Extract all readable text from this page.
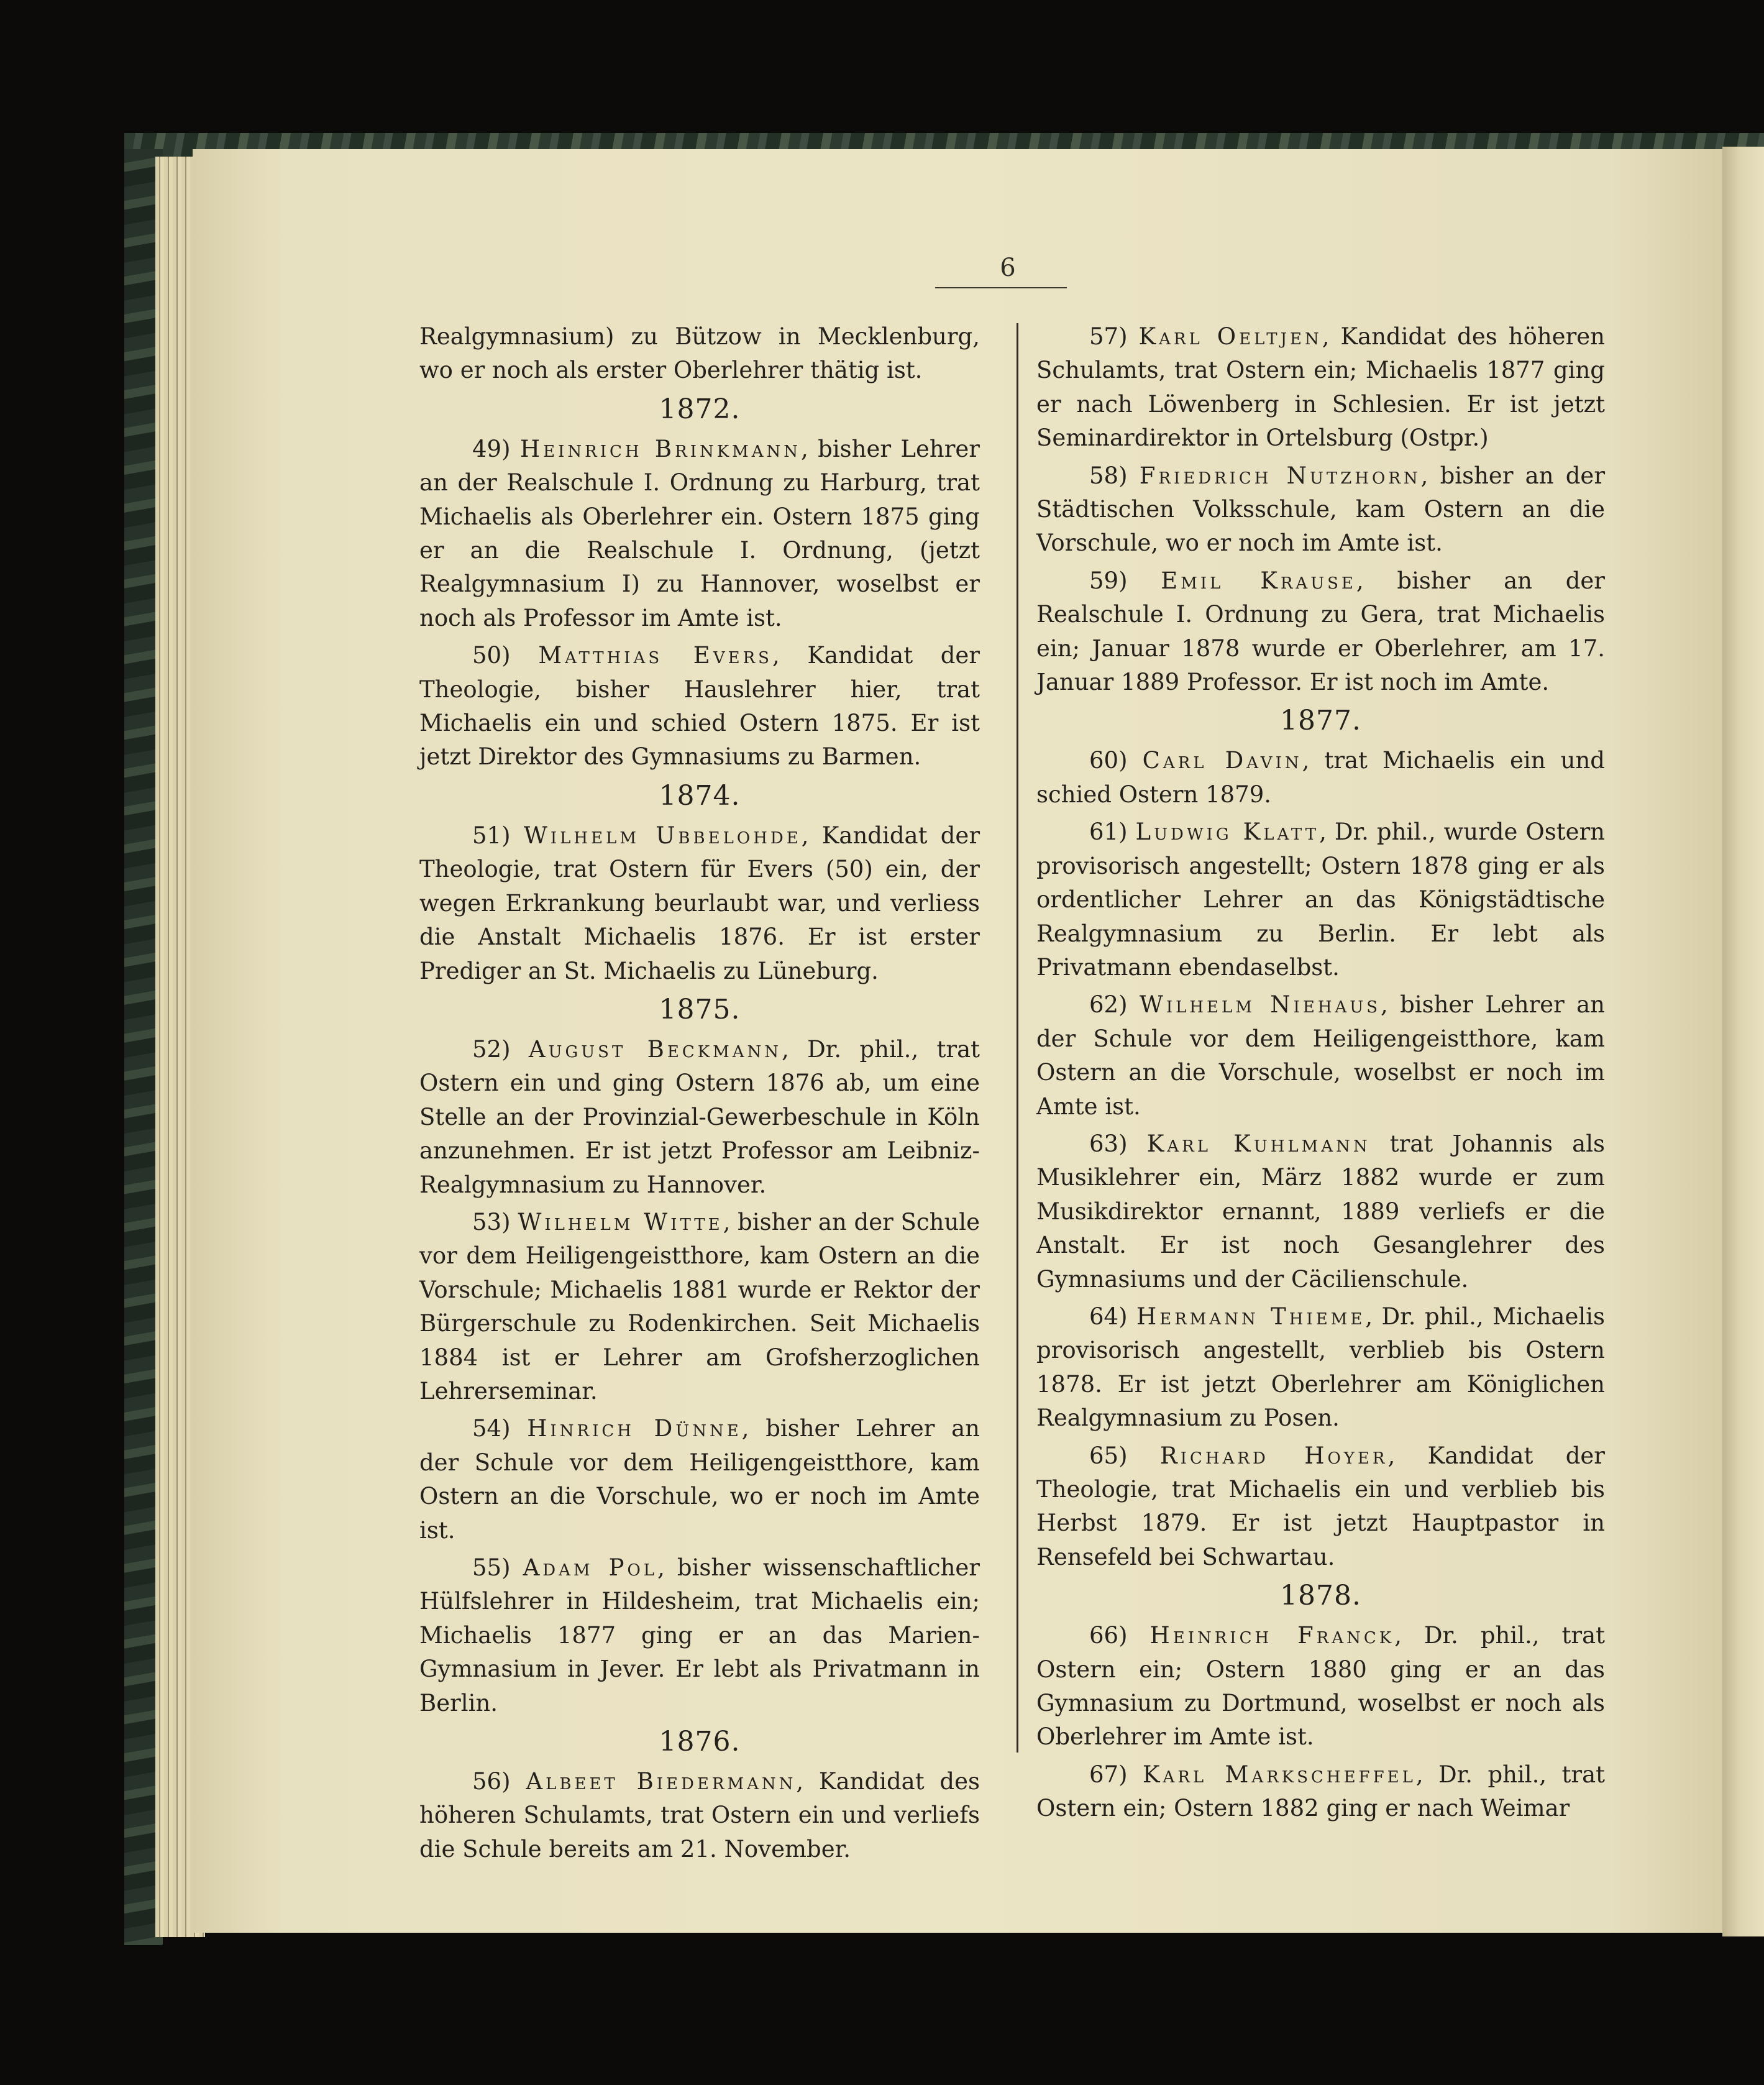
6

Realgymnasium) zu Bützow in Mecklenburg, wo er noch als erster Oberlehrer thätig ist.

1872.

49) Heinrich Brinkmann, bisher Lehrer an der Realschule I. Ordnung zu Harburg, trat Michaelis als Oberlehrer ein. Ostern 1875 ging er an die Realschule I. Ordnung, (jetzt Realgymnasium I) zu Hannover, woselbst er noch als Professor im Amte ist.

50) Matthias Evers, Kandidat der Theologie, bisher Hauslehrer hier, trat Michaelis ein und schied Ostern 1875. Er ist jetzt Direktor des Gymnasiums zu Barmen.

1874.

51) Wilhelm Ubbelohde, Kandidat der Theologie, trat Ostern für Evers (50) ein, der wegen Erkrankung beurlaubt war, und verliess die Anstalt Michaelis 1876. Er ist erster Prediger an St. Michaelis zu Lüneburg.

1875.

52) August Beckmann, Dr. phil., trat Ostern ein und ging Ostern 1876 ab, um eine Stelle an der Provinzial-Gewerbeschule in Köln anzunehmen. Er ist jetzt Professor am Leibniz-Realgymnasium zu Hannover.

53) Wilhelm Witte, bisher an der Schule vor dem Heiligengeistthore, kam Ostern an die Vorschule; Michaelis 1881 wurde er Rektor der Bürgerschule zu Rodenkirchen. Seit Michaelis 1884 ist er Lehrer am Grofsherzoglichen Lehrerseminar.

54) Hinrich Dünne, bisher Lehrer an der Schule vor dem Heiligengeistthore, kam Ostern an die Vorschule, wo er noch im Amte ist.

55) Adam Pol, bisher wissenschaftlicher Hülfslehrer in Hildesheim, trat Michaelis ein; Michaelis 1877 ging er an das Marien-Gymnasium in Jever. Er lebt als Privatmann in Berlin.

1876.

56) Albeet Biedermann, Kandidat des höheren Schulamts, trat Ostern ein und verliefs die Schule bereits am 21. November.

57) Karl Oeltjen, Kandidat des höheren Schulamts, trat Ostern ein; Michaelis 1877 ging er nach Löwenberg in Schlesien. Er ist jetzt Seminardirektor in Ortelsburg (Ostpr.)

58) Friedrich Nutzhorn, bisher an der Städtischen Volksschule, kam Ostern an die Vorschule, wo er noch im Amte ist.

59) Emil Krause, bisher an der Realschule I. Ordnung zu Gera, trat Michaelis ein; Januar 1878 wurde er Oberlehrer, am 17. Januar 1889 Professor. Er ist noch im Amte.

1877.

60) Carl Davin, trat Michaelis ein und schied Ostern 1879.

61) Ludwig Klatt, Dr. phil., wurde Ostern provisorisch angestellt; Ostern 1878 ging er als ordentlicher Lehrer an das Königstädtische Realgymnasium zu Berlin. Er lebt als Privatmann ebendaselbst.

62) Wilhelm Niehaus, bisher Lehrer an der Schule vor dem Heiligengeistthore, kam Ostern an die Vorschule, woselbst er noch im Amte ist.

63) Karl Kuhlmann trat Johannis als Musiklehrer ein, März 1882 wurde er zum Musikdirektor ernannt, 1889 verliefs er die Anstalt. Er ist noch Gesanglehrer des Gymnasiums und der Cäcilienschule.

64) Hermann Thieme, Dr. phil., Michaelis provisorisch angestellt, verblieb bis Ostern 1878. Er ist jetzt Oberlehrer am Königlichen Realgymnasium zu Posen.

65) Richard Hoyer, Kandidat der Theologie, trat Michaelis ein und verblieb bis Herbst 1879. Er ist jetzt Hauptpastor in Rensefeld bei Schwartau.

1878.

66) Heinrich Franck, Dr. phil., trat Ostern ein; Ostern 1880 ging er an das Gymnasium zu Dortmund, woselbst er noch als Oberlehrer im Amte ist.

67) Karl Markscheffel, Dr. phil., trat Ostern ein; Ostern 1882 ging er nach Weimar
